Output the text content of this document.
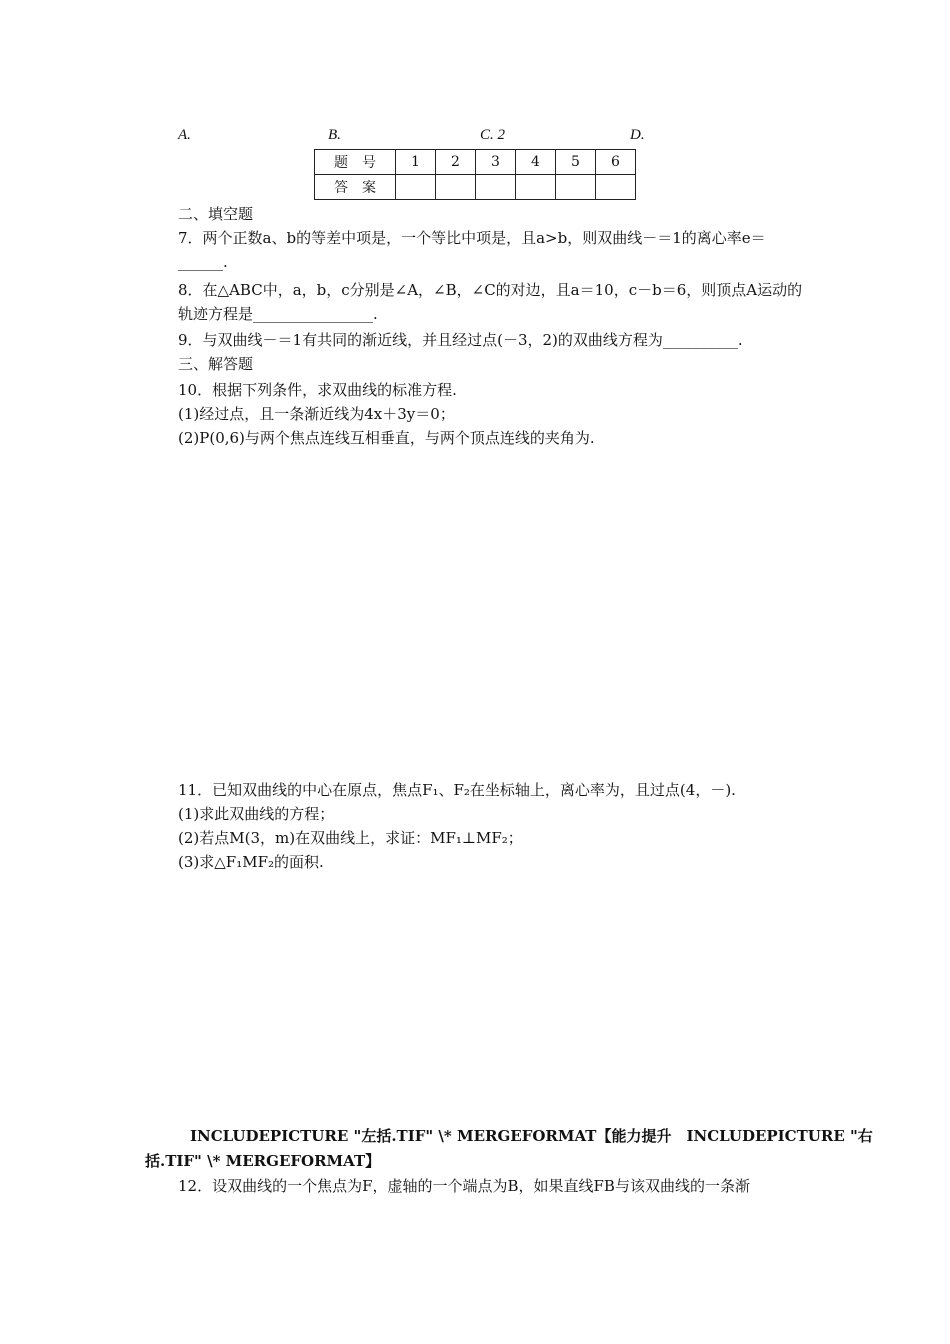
A.	B.	C. 2	D.
题　号	1	2	3	4	5	6
答　案						
二、填空题
7．两个正数a、b的等差中项是，一个等比中项是，且a>b，则双曲线－＝1的离心率e＝
______.
8．在△ABC中，a，b，c分别是∠A，∠B，∠C的对边，且a＝10，c－b＝6，则顶点A运动的
轨迹方程是________________.
9．与双曲线－＝1有共同的渐近线，并且经过点(－3，2)的双曲线方程为__________.
三、解答题
10．根据下列条件，求双曲线的标准方程.
(1)经过点，且一条渐近线为4x＋3y＝0；
(2)P(0,6)与两个焦点连线互相垂直，与两个顶点连线的夹角为.
11．已知双曲线的中心在原点，焦点F₁、F₂在坐标轴上，离心率为，且过点(4，－).
(1)求此双曲线的方程；
(2)若点M(3，m)在双曲线上，求证：MF₁⊥MF₂；
(3)求△F₁MF₂的面积.
INCLUDEPICTURE "左括.TIF" \* MERGEFORMAT【能力提升　INCLUDEPICTURE "右
括.TIF" \* MERGEFORMAT】
12．设双曲线的一个焦点为F，虚轴的一个端点为B，如果直线FB与该双曲线的一条渐
